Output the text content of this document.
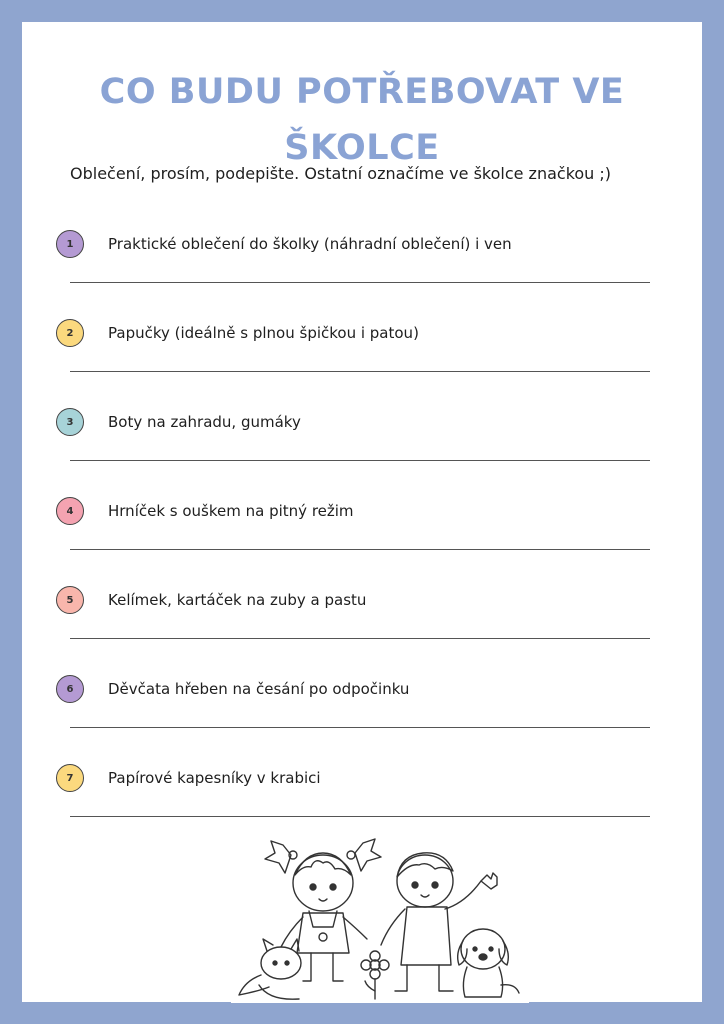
CO BUDU POTŘEBOVAT VE
ŠKOLCE
Oblečení, prosím, podepište. Ostatní označíme ve školce značkou ;)
1 Praktické oblečení do školky (náhradní oblečení) i ven
2 Papučky (ideálně s plnou špičkou i patou)
3 Boty na zahradu, gumáky
4 Hrníček s ouškem na pitný režim
5 Kelímek, kartáček na zuby a pastu
6 Děvčata hřeben na česání po odpočinku
7 Papírové kapesníky v krabici
